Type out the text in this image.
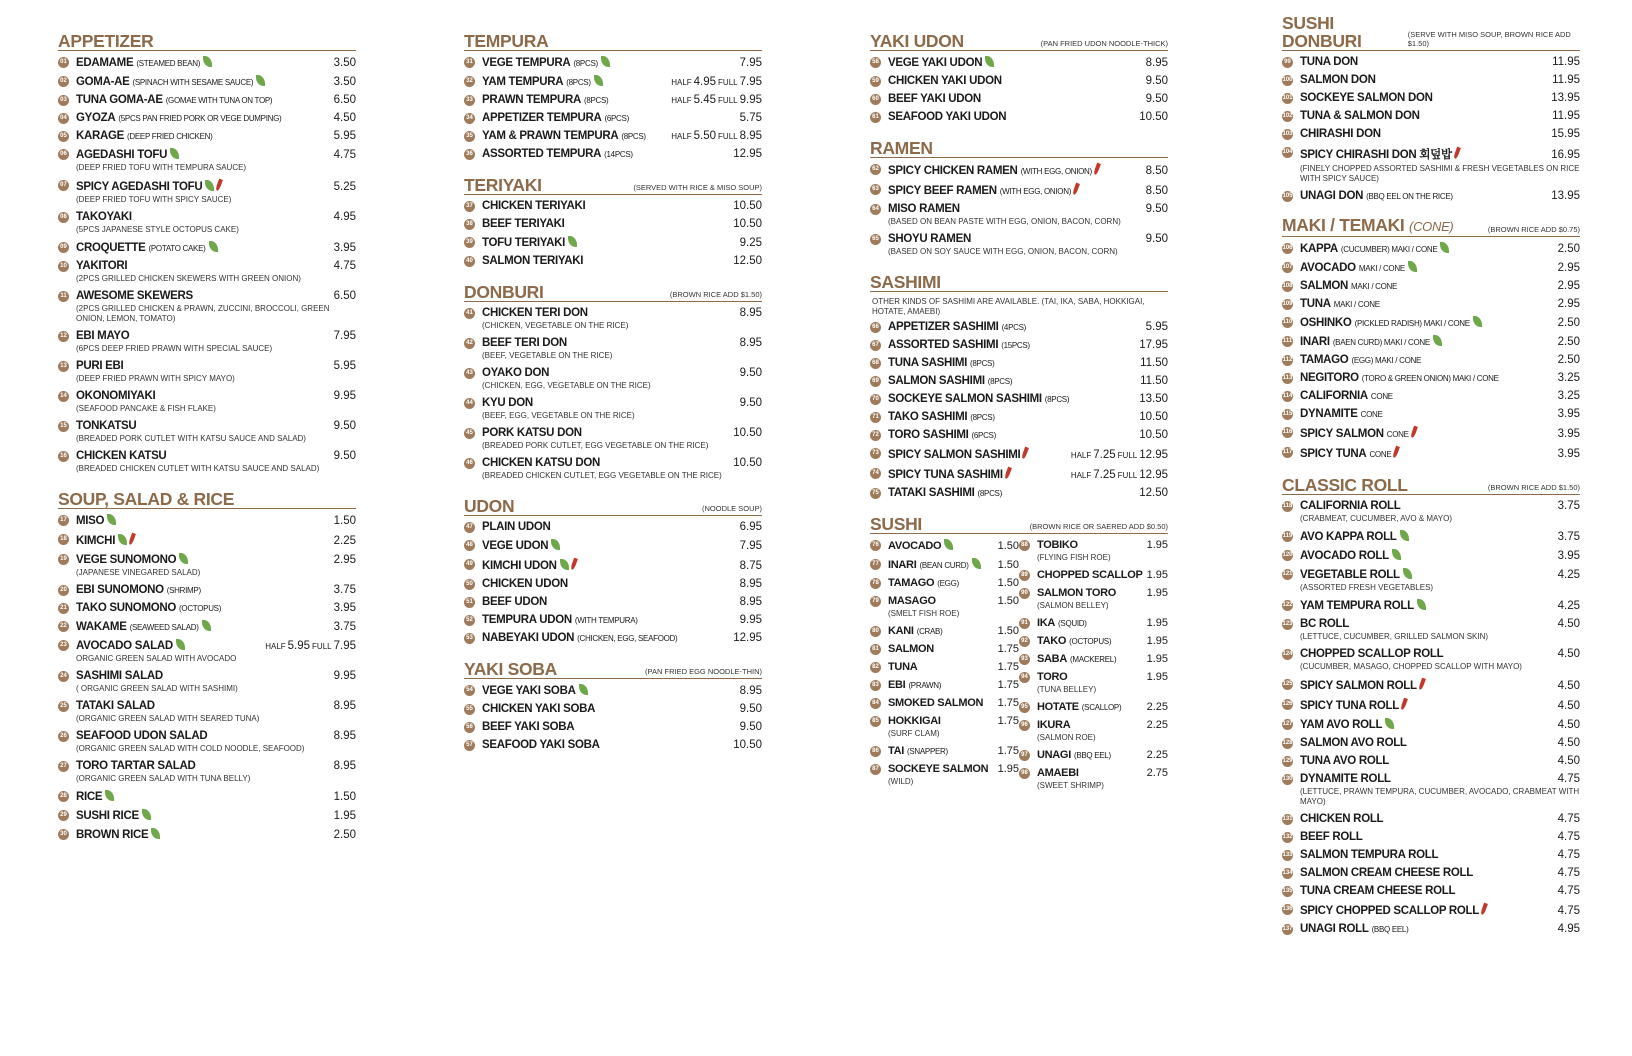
APPETIZER
01 EDAMAME (STEAMED BEAN)	3.50
02 GOMA-AE (SPINACH WITH SESAME SAUCE)	3.50
03 TUNA GOMA-AE (GOMAE WITH TUNA ON TOP)	6.50
04 GYOZA (5PCS PAN FRIED PORK OR VEGE DUMPING)	4.50
05 KARAGE (DEEP FRIED CHICKEN)	5.95
06 AGEDASHI TOFU	4.75
(DEEP FRIED TOFU WITH TEMPURA SAUCE)
07 SPICY AGEDASHI TOFU	5.25
(DEEP FRIED TOFU WITH SPICY SAUCE)
08 TAKOYAKI	4.95
(5PCS JAPANESE STYLE OCTOPUS CAKE)
09 CROQUETTE (POTATO CAKE)	3.95
10 YAKITORI	4.75
(2PCS GRILLED CHICKEN SKEWERS WITH GREEN ONION)
11 AWESOME SKEWERS	6.50
(2PCS GRILLED CHICKEN & PRAWN, ZUCCINI, BROCCOLI, GREEN ONION, LEMON, TOMATO)
12 EBI MAYO	7.95
(6PCS DEEP FRIED PRAWN WITH SPECIAL SAUCE)
13 PURI EBI	5.95
(DEEP FRIED PRAWN WITH SPICY MAYO)
14 OKONOMIYAKI	9.95
(SEAFOOD PANCAKE & FISH FLAKE)
15 TONKATSU	9.50
(BREADED PORK CUTLET WITH KATSU SAUCE AND SALAD)
16 CHICKEN KATSU	9.50
(BREADED CHICKEN CUTLET WITH KATSU SAUCE AND SALAD)
SOUP, SALAD & RICE
17 MISO	1.50
18 KIMCHI	2.25
19 VEGE SUNOMONO	2.95
(JAPANESE VINEGARED SALAD)
20 EBI SUNOMONO (SHRIMP)	3.75
21 TAKO SUNOMONO (OCTOPUS)	3.95
22 WAKAME (SEAWEED SALAD)	3.75
23 AVOCADO SALAD	HALF 5.95 FULL 7.95
ORGANIC GREEN SALAD WITH AVOCADO
24 SASHIMI SALAD	9.95
( ORGANIC GREEN SALAD WITH SASHIMI)
25 TATAKI SALAD	8.95
(ORGANIC GREEN SALAD WITH SEARED TUNA)
26 SEAFOOD UDON SALAD	8.95
(ORGANIC GREEN SALAD WITH COLD NOODLE, SEAFOOD)
27 TORO TARTAR SALAD	8.95
(ORGANIC GREEN SALAD WITH TUNA BELLY)
28 RICE	1.50
29 SUSHI RICE	1.95
30 BROWN RICE	2.50
TEMPURA
31 VEGE TEMPURA (8PCS)	7.95
32 YAM TEMPURA (8PCS)	HALF 4.95 FULL 7.95
33 PRAWN TEMPURA (8PCS)	HALF 5.45 FULL 9.95
34 APPETIZER TEMPURA (6PCS)	5.75
35 YAM & PRAWN TEMPURA (8PCS)	HALF 5.50 FULL 8.95
36 ASSORTED TEMPURA (14PCS)	12.95
TERIYAKI	(SERVED WITH RICE & MISO SOUP)
37 CHICKEN TERIYAKI	10.50
38 BEEF TERIYAKI	10.50
39 TOFU TERIYAKI	9.25
40 SALMON TERIYAKI	12.50
DONBURI	(BROWN RICE ADD $1.50)
41 CHICKEN TERI DON	8.95
(CHICKEN, VEGETABLE ON THE RICE)
42 BEEF TERI DON	8.95
(BEEF, VEGETABLE ON THE RICE)
43 OYAKO DON	9.50
(CHICKEN, EGG, VEGETABLE ON THE RICE)
44 KYU DON	9.50
(BEEF, EGG, VEGETABLE ON THE RICE)
45 PORK KATSU DON	10.50
(BREADED PORK CUTLET, EGG VEGETABLE ON THE RICE)
46 CHICKEN KATSU DON	10.50
(BREADED CHICKEN CUTLET, EGG VEGETABLE ON THE RICE)
UDON	(NOODLE SOUP)
47 PLAIN UDON	6.95
48 VEGE UDON	7.95
49 KIMCHI UDON	8.75
50 CHICKEN UDON	8.95
51 BEEF UDON	8.95
52 TEMPURA UDON (WITH TEMPURA)	9.95
53 NABEYAKI UDON (CHICKEN, EGG, SEAFOOD)	12.95
YAKI SOBA	(PAN FRIED EGG NOODLE-THIN)
54 VEGE YAKI SOBA	8.95
55 CHICKEN YAKI SOBA	9.50
56 BEEF YAKI SOBA	9.50
57 SEAFOOD YAKI SOBA	10.50
YAKI UDON	(PAN FRIED UDON NOODLE-THICK)
58 VEGE YAKI UDON	8.95
59 CHICKEN YAKI UDON	9.50
60 BEEF YAKI UDON	9.50
61 SEAFOOD YAKI UDON	10.50
RAMEN
62 SPICY CHICKEN RAMEN (WITH EGG, ONION)	8.50
63 SPICY BEEF RAMEN (WITH EGG, ONION)	8.50
64 MISO RAMEN	9.50
(BASED ON BEAN PASTE WITH EGG, ONION, BACON, CORN)
65 SHOYU RAMEN	9.50
(BASED ON SOY SAUCE WITH EGG, ONION, BACON, CORN)
SASHIMI
OTHER KINDS OF SASHIMI ARE AVAILABLE. (TAI, IKA, SABA, HOKKIGAI, HOTATE, AMAEBI)
66 APPETIZER SASHIMI (4PCS)	5.95
67 ASSORTED SASHIMI (15PCS)	17.95
68 TUNA SASHIMI (8PCS)	11.50
69 SALMON SASHIMI (8PCS)	11.50
70 SOCKEYE SALMON SASHIMI (8PCS)	13.50
71 TAKO SASHIMI (8PCS)	10.50
72 TORO SASHIMI (6PCS)	10.50
73 SPICY SALMON SASHIMI	HALF 7.25 FULL 12.95
74 SPICY TUNA SASHIMI	HALF 7.25 FULL 12.95
75 TATAKI SASHIMI (8PCS)	12.50
SUSHI	(BROWN RICE OR SAERED ADD $0.50)
76 AVOCADO	1.50
77 INARI (BEAN CURD)	1.50
78 TAMAGO (EGG)	1.50
79 MASAGO	1.50
(SMELT FISH ROE)
80 KANI (CRAB)	1.50
81 SALMON	1.75
82 TUNA	1.75
83 EBI (PRAWN)	1.75
84 SMOKED SALMON	1.75
85 HOKKIGAI	1.75
(SURF CLAM)
86 TAI (SNAPPER)	1.75
87 SOCKEYE SALMON 1.95
(WILD)
88 TOBIKO	1.95
(FLYING FISH ROE)
89 CHOPPED SCALLOP 1.95
90 SALMON TORO	1.95
(SALMON BELLEY)
91 IKA (SQUID)	1.95
92 TAKO (OCTOPUS)	1.95
93 SABA (MACKEREL)	1.95
94 TORO	1.95
(TUNA BELLEY)
95 HOTATE (SCALLOP)	2.25
96 IKURA	2.25
(SALMON ROE)
97 UNAGI (BBQ EEL)	2.25
98 AMAEBI	2.75
(SWEET SHRIMP)
SUSHI DONBURI	(SERVE WITH MISO SOUP, BROWN RICE ADD $1.50)
99 TUNA DON	11.95
100 SALMON DON	11.95
101 SOCKEYE SALMON DON	13.95
102 TUNA & SALMON DON	11.95
103 CHIRASHI DON	15.95
104 SPICY CHIRASHI DON 회덮밥	16.95
(FINELY CHOPPED ASSORTED SASHIMI & FRESH VEGETABLES ON RICE WITH SPICY SAUCE)
105 UNAGI DON (BBQ EEL ON THE RICE)	13.95
MAKI / TEMAKI (CONE)	(BROWN RICE ADD $0.75)
106 KAPPA (CUCUMBER) MAKI / CONE	2.50
107 AVOCADO MAKI / CONE	2.95
108 SALMON MAKI / CONE	2.95
109 TUNA MAKI / CONE	2.95
110 OSHINKO (PICKLED RADISH) MAKI / CONE	2.50
111 INARI (BAEN CURD) MAKI / CONE	2.50
112 TAMAGO (EGG) MAKI / CONE	2.50
113 NEGITORO (TORO & GREEN ONION) MAKI / CONE	3.25
114 CALIFORNIA CONE	3.25
115 DYNAMITE CONE	3.95
116 SPICY SALMON CONE	3.95
117 SPICY TUNA CONE	3.95
CLASSIC ROLL	(BROWN RICE ADD $1.50)
118 CALIFORNIA ROLL	3.75
(CRABMEAT, CUCUMBER, AVO & MAYO)
119 AVO KAPPA ROLL	3.75
120 AVOCADO ROLL	3.95
121 VEGETABLE ROLL	4.25
(ASSORTED FRESH VEGETABLES)
122 YAM TEMPURA ROLL	4.25
123 BC ROLL	4.50
(LETTUCE, CUCUMBER, GRILLED SALMON SKIN)
124 CHOPPED SCALLOP ROLL	4.50
(CUCUMBER, MASAGO, CHOPPED SCALLOP WITH MAYO)
125 SPICY SALMON ROLL	4.50
126 SPICY TUNA ROLL	4.50
127 YAM AVO ROLL	4.50
128 SALMON AVO ROLL	4.50
129 TUNA AVO ROLL	4.50
130 DYNAMITE ROLL	4.75
(LETTUCE, PRAWN TEMPURA, CUCUMBER, AVOCADO, CRABMEAT WITH MAYO)
131 CHICKEN ROLL	4.75
132 BEEF ROLL	4.75
133 SALMON TEMPURA ROLL	4.75
134 SALMON CREAM CHEESE ROLL	4.75
135 TUNA CREAM CHEESE ROLL	4.75
136 SPICY CHOPPED SCALLOP ROLL	4.75
137 UNAGI ROLL (BBQ EEL)	4.95
